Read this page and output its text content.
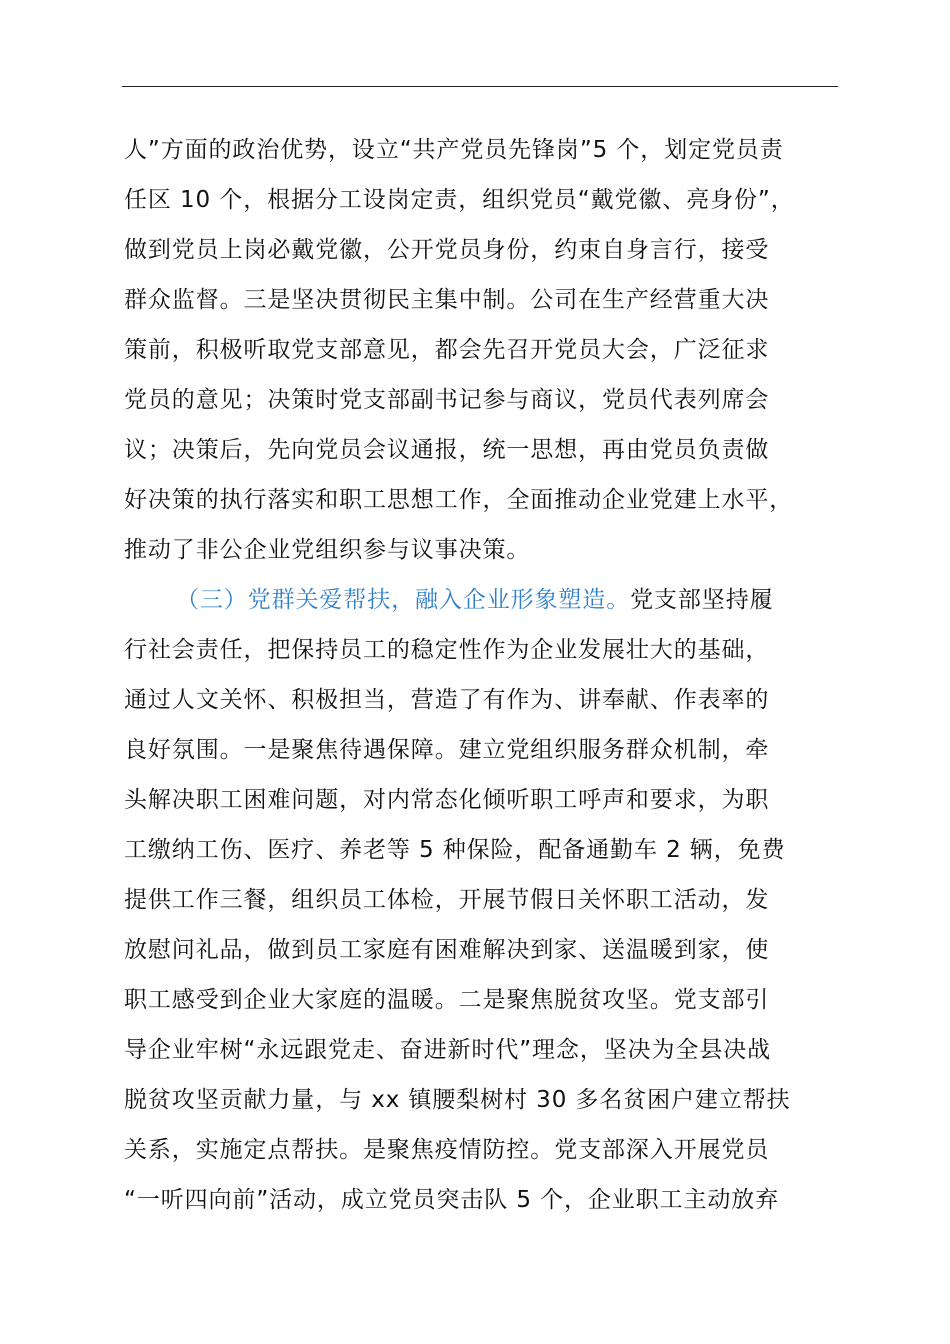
人”方面的政治优势，设立“共产党员先锋岗”5 个，划定党员责
任区 10 个，根据分工设岗定责，组织党员“戴党徽、亮身份”，
做到党员上岗必戴党徽，公开党员身份，约束自身言行，接受
群众监督。三是坚决贯彻民主集中制。公司在生产经营重大决
策前，积极听取党支部意见，都会先召开党员大会，广泛征求
党员的意见；决策时党支部副书记参与商议，党员代表列席会
议；决策后，先向党员会议通报，统一思想，再由党员负责做
好决策的执行落实和职工思想工作，全面推动企业党建上水平，
推动了非公企业党组织参与议事决策。
（三）党群关爱帮扶，融入企业形象塑造。党支部坚持履
行社会责任，把保持员工的稳定性作为企业发展壮大的基础，
通过人文关怀、积极担当，营造了有作为、讲奉献、作表率的
良好氛围。一是聚焦待遇保障。建立党组织服务群众机制，牵
头解决职工困难问题，对内常态化倾听职工呼声和要求，为职
工缴纳工伤、医疗、养老等 5 种保险，配备通勤车 2 辆，免费
提供工作三餐，组织员工体检，开展节假日关怀职工活动，发
放慰问礼品，做到员工家庭有困难解决到家、送温暖到家，使
职工感受到企业大家庭的温暖。二是聚焦脱贫攻坚。党支部引
导企业牢树“永远跟党走、奋进新时代”理念，坚决为全县决战
脱贫攻坚贡献力量，与 xx 镇腰梨树村 30 多名贫困户建立帮扶
关系，实施定点帮扶。是聚焦疫情防控。党支部深入开展党员
“一听四向前”活动，成立党员突击队 5 个，企业职工主动放弃
